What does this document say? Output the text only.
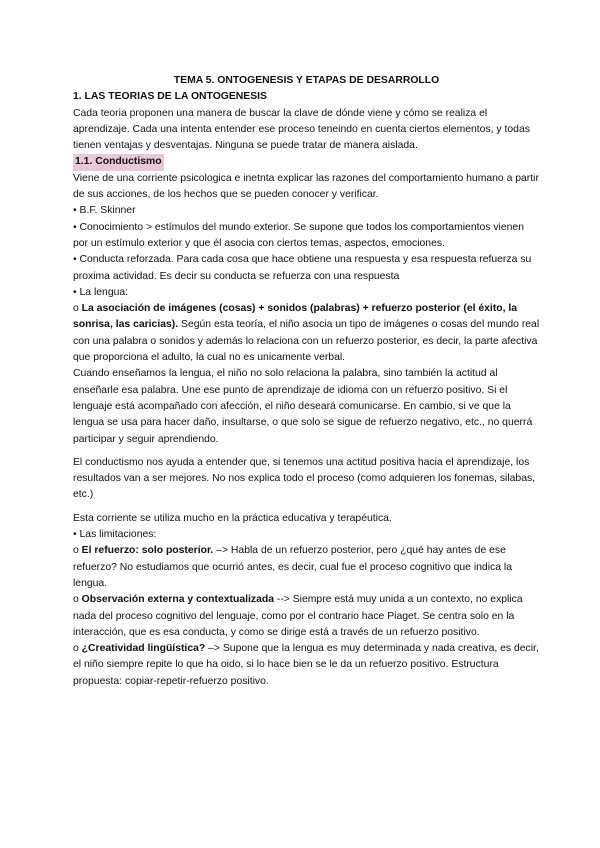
TEMA 5. ONTOGENESIS Y ETAPAS DE DESARROLLO
1. LAS TEORIAS DE LA ONTOGENESIS

Cada teoria proponen una manera de buscar la clave de dónde viene y cómo se realiza el aprendizaje. Cada una intenta entender ese proceso teneindo en cuenta ciertos elementos, y todas tienen ventajas y desventajas. Ninguna se puede tratar de manera aislada.

1.1. Conductismo

Viene de una corriente psicologica e inetnta explicar las razones del comportamiento humano a partir de sus acciones, de los hechos que se pueden conocer y verificar.

• B.F. Skinner

• Conocimiento > estímulos del mundo exterior. Se supone que todos los comportamientos vienen por un estímulo exterior y que él asocia con ciertos temas, aspectos, emociones.

• Conducta reforzada. Para cada cosa que hace obtiene una respuesta y esa respuesta refuerza su proxima actividad. Es decir su conducta se refuerza con una respuesta

• La lengua:

o La asociación de imágenes (cosas) + sonidos (palabras) + refuerzo posterior (el éxito, la sonrisa, las caricias). Según esta teoría, el niño asocia un tipo de imágenes o cosas del mundo real con una palabra o sonidos y además lo relaciona con un refuerzo posterior, es decir, la parte afectiva que proporciona el adulto, la cual no es unicamente verbal.

Cuando enseñamos la lengua, el niño no solo relaciona la palabra, sino también la actitud al enseñarle esa palabra. Une ese punto de aprendizaje de idioma con un refuerzo positivo. Si el lenguaje está acompañado con afección, el niño deseará comunicarse. En cambio, si ve que la lengua se usa para hacer daño, insultarse, o que solo se sigue de refuerzo negativo, etc., no querrá participar y seguir aprendiendo.

El conductismo nos ayuda a entender que, si tenemos una actitud positiva hacia el aprendizaje, los resultados van a ser mejores. No nos explica todo el proceso (como adquieren los fonemas, silabas, etc.)

Esta corriente se utiliza mucho en la práctica educativa y terapéutica.

• Las limitaciones:

o El refuerzo: solo posterior. –> Habla de un refuerzo posterior, pero ¿qué hay antes de ese refuerzo? No estudiamos que ocurrió antes, es decir, cual fue el proceso cognitivo que indica la lengua.

o Observación externa y contextualizada --> Siempre está muy unida a un contexto, no explica nada del proceso cognitivo del lenguaje, como por el contrario hace Piaget. Se centra solo en la interacción, que es esa conducta, y como se dirige está a través de un refuerzo positivo.

o ¿Creatividad lingüística? –> Supone que la lengua es muy determinada y nada creativa, es decir, el niño siempre repite lo que ha oido, si lo hace bien se le da un refuerzo positivo. Estructura propuesta: copiar-repetir-refuerzo positivo.
